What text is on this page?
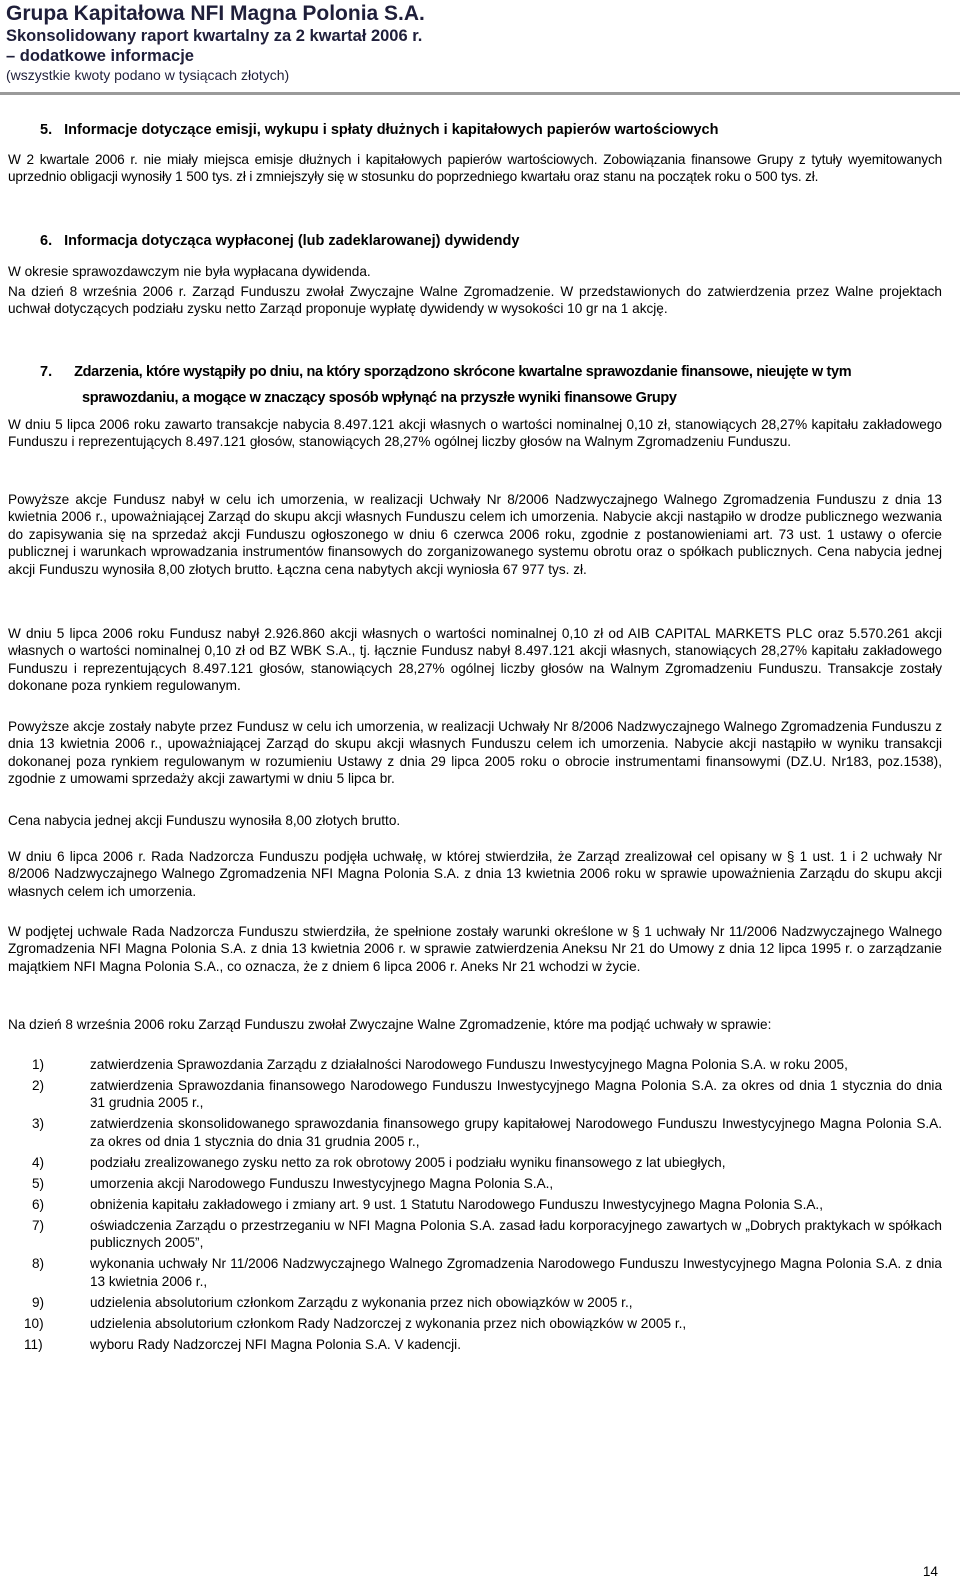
Grupa Kapitałowa NFI Magna Polonia S.A.

Skonsolidowany raport kwartalny za 2 kwartał 2006 r.

– dodatkowe informacje

(wszystkie kwoty podano w tysiącach złotych)

5. Informacje dotyczące emisji, wykupu i spłaty dłużnych i kapitałowych papierów wartościowych

W 2 kwartale 2006 r. nie miały miejsca emisje dłużnych i kapitałowych papierów wartościowych. Zobowiązania finansowe Grupy z tytuły wyemitowanych uprzednio obligacji wynosiły 1 500 tys. zł i zmniejszyły się w stosunku do poprzedniego kwartału oraz stanu na początek roku o 500 tys. zł.

6. Informacja dotycząca wypłaconej (lub zadeklarowanej) dywidendy

W okresie sprawozdawczym nie była wypłacana dywidenda.

Na dzień 8 września 2006 r. Zarząd Funduszu zwołał Zwyczajne Walne Zgromadzenie. W przedstawionych do zatwierdzenia przez Walne projektach uchwał dotyczących podziału zysku netto Zarząd proponuje wypłatę dywidendy w wysokości 10 gr na 1 akcję.

7. Zdarzenia, które wystąpiły po dniu, na który sporządzono skrócone kwartalne sprawozdanie finansowe, nieujęte w tym
sprawozdaniu, a mogące w znaczący sposób wpłynąć na przyszłe wyniki finansowe Grupy

W dniu 5 lipca 2006 roku zawarto transakcje nabycia 8.497.121 akcji własnych o wartości nominalnej 0,10 zł, stanowiących 28,27% kapitału zakładowego Funduszu i reprezentujących 8.497.121 głosów, stanowiących 28,27% ogólnej liczby głosów na Walnym Zgromadzeniu Funduszu.

Powyższe akcje Fundusz nabył w celu ich umorzenia, w realizacji Uchwały Nr 8/2006 Nadzwyczajnego Walnego Zgromadzenia Funduszu z dnia 13 kwietnia 2006 r., upoważniającej Zarząd do skupu akcji własnych Funduszu celem ich umorzenia. Nabycie akcji nastąpiło w drodze publicznego wezwania do zapisywania się na sprzedaż akcji Funduszu ogłoszonego w dniu 6 czerwca 2006 roku, zgodnie z postanowieniami art. 73 ust. 1 ustawy o ofercie publicznej i warunkach wprowadzania instrumentów finansowych do zorganizowanego systemu obrotu oraz o spółkach publicznych. Cena nabycia jednej akcji Funduszu wynosiła 8,00 złotych brutto. Łączna cena nabytych akcji wyniosła 67 977 tys. zł.

W dniu 5 lipca 2006 roku Fundusz nabył 2.926.860 akcji własnych o wartości nominalnej 0,10 zł od AIB CAPITAL MARKETS PLC oraz 5.570.261 akcji własnych o wartości nominalnej 0,10 zł od BZ WBK S.A., tj. łącznie Fundusz nabył 8.497.121 akcji własnych, stanowiących 28,27% kapitału zakładowego Funduszu i reprezentujących 8.497.121 głosów, stanowiących 28,27% ogólnej liczby głosów na Walnym Zgromadzeniu Funduszu. Transakcje zostały dokonane poza rynkiem regulowanym.

Powyższe akcje zostały nabyte przez Fundusz w celu ich umorzenia, w realizacji Uchwały Nr 8/2006 Nadzwyczajnego Walnego Zgromadzenia Funduszu z dnia 13 kwietnia 2006 r., upoważniającej Zarząd do skupu akcji własnych Funduszu celem ich umorzenia. Nabycie akcji nastąpiło w wyniku transakcji dokonanej poza rynkiem regulowanym w rozumieniu Ustawy z dnia 29 lipca 2005 roku o obrocie instrumentami finansowymi (DZ.U. Nr183, poz.1538), zgodnie z umowami sprzedaży akcji zawartymi w dniu 5 lipca br.

Cena nabycia jednej akcji Funduszu wynosiła 8,00 złotych brutto.

W dniu 6 lipca 2006 r. Rada Nadzorcza Funduszu podjęła uchwałę, w której stwierdziła, że Zarząd zrealizował cel opisany w § 1 ust. 1 i 2 uchwały Nr 8/2006 Nadzwyczajnego Walnego Zgromadzenia NFI Magna Polonia S.A. z dnia 13 kwietnia 2006 roku w sprawie upoważnienia Zarządu do skupu akcji własnych celem ich umorzenia.

W podjętej uchwale Rada Nadzorcza Funduszu stwierdziła, że spełnione zostały warunki określone w § 1 uchwały Nr 11/2006 Nadzwyczajnego Walnego Zgromadzenia NFI Magna Polonia S.A. z dnia 13 kwietnia 2006 r. w sprawie zatwierdzenia Aneksu Nr 21 do Umowy z dnia 12 lipca 1995 r. o zarządzanie majątkiem NFI Magna Polonia S.A., co oznacza, że z dniem 6 lipca 2006 r. Aneks Nr 21 wchodzi w życie.

Na dzień 8 września 2006 roku Zarząd Funduszu zwołał Zwyczajne Walne Zgromadzenie, które ma podjąć uchwały w sprawie:

1)	zatwierdzenia Sprawozdania Zarządu z działalności Narodowego Funduszu Inwestycyjnego Magna Polonia S.A. w roku 2005,
2)	zatwierdzenia Sprawozdania finansowego Narodowego Funduszu Inwestycyjnego Magna Polonia S.A. za okres od dnia 1 stycznia do dnia 31 grudnia 2005 r.,
3)	zatwierdzenia skonsolidowanego sprawozdania finansowego grupy kapitałowej Narodowego Funduszu Inwestycyjnego Magna Polonia S.A. za okres od dnia 1 stycznia do dnia 31 grudnia 2005 r.,
4)	podziału zrealizowanego zysku netto za rok obrotowy 2005 i podziału wyniku finansowego z lat ubiegłych,
5)	umorzenia akcji Narodowego Funduszu Inwestycyjnego Magna Polonia S.A.,
6)	obniżenia kapitału zakładowego i zmiany art. 9 ust. 1 Statutu Narodowego Funduszu Inwestycyjnego Magna Polonia S.A.,
7)	oświadczenia Zarządu o przestrzeganiu w NFI Magna Polonia S.A. zasad ładu korporacyjnego zawartych w „Dobrych praktykach w spółkach publicznych 2005”,
8)	wykonania uchwały Nr 11/2006 Nadzwyczajnego Walnego Zgromadzenia Narodowego Funduszu Inwestycyjnego Magna Polonia S.A. z dnia 13 kwietnia 2006 r.,
9)	udzielenia absolutorium członkom Zarządu z wykonania przez nich obowiązków w 2005 r.,
10)	udzielenia absolutorium członkom Rady Nadzorczej z wykonania przez nich obowiązków w 2005 r.,
11)	wyboru Rady Nadzorczej NFI Magna Polonia S.A. V kadencji.
14
